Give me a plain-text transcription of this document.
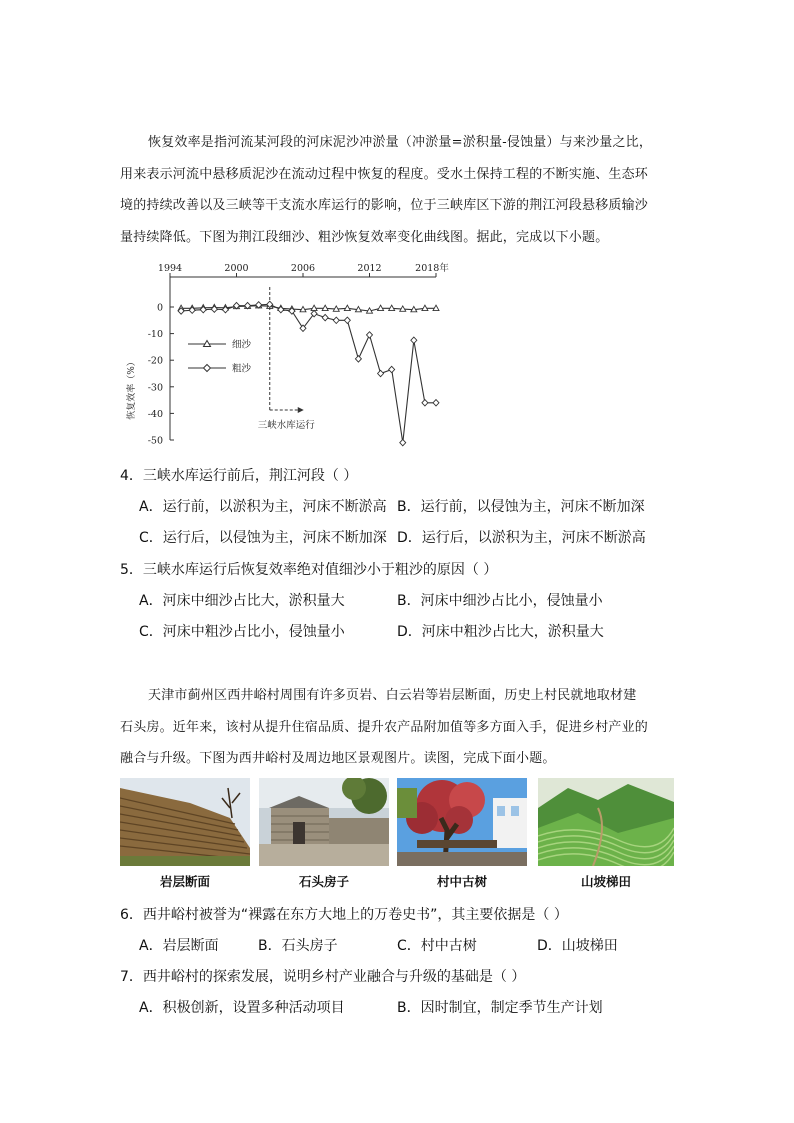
恢复效率是指河流某河段的河床泥沙冲淤量（冲淤量=淤积量-侵蚀量）与来沙量之比，
用来表示河流中悬移质泥沙在流动过程中恢复的程度。受水土保持工程的不断实施、生态环
境的持续改善以及三峡等干支流水库运行的影响，位于三峡库区下游的荆江河段悬移质输沙
量持续降低。下图为荆江段细沙、粗沙恢复效率变化曲线图。据此，完成以下小题。
1994	2000	2006	2012	2018年
0
-10
-20
-30
-40
-50
恢复效率（%）
三峡水库运行
细沙
粗沙
4．三峡水库运行前后，荆江河段（ ）
A．运行前，以淤积为主，河床不断淤高 B．运行前，以侵蚀为主，河床不断加深
C．运行后，以侵蚀为主，河床不断加深 D．运行后，以淤积为主，河床不断淤高
5．三峡水库运行后恢复效率绝对值细沙小于粗沙的原因（ ）
A．河床中细沙占比大，淤积量大	B．河床中细沙占比小，侵蚀量小
C．河床中粗沙占比小，侵蚀量小	D．河床中粗沙占比大，淤积量大
天津市蓟州区西井峪村周围有许多页岩、白云岩等岩层断面，历史上村民就地取材建
石头房。近年来，该村从提升住宿品质、提升农产品附加值等多方面入手，促进乡村产业的
融合与升级。下图为西井峪村及周边地区景观图片。读图，完成下面小题。
岩层断面	石头房子	村中古树	山坡梯田
6．西井峪村被誉为“裸露在东方大地上的万卷史书”，其主要依据是（ ）
A．岩层断面	B．石头房子	C．村中古树	D．山坡梯田
7．西井峪村的探索发展，说明乡村产业融合与升级的基础是（ ）
A．积极创新，设置多种活动项目	B．因时制宜，制定季节生产计划
